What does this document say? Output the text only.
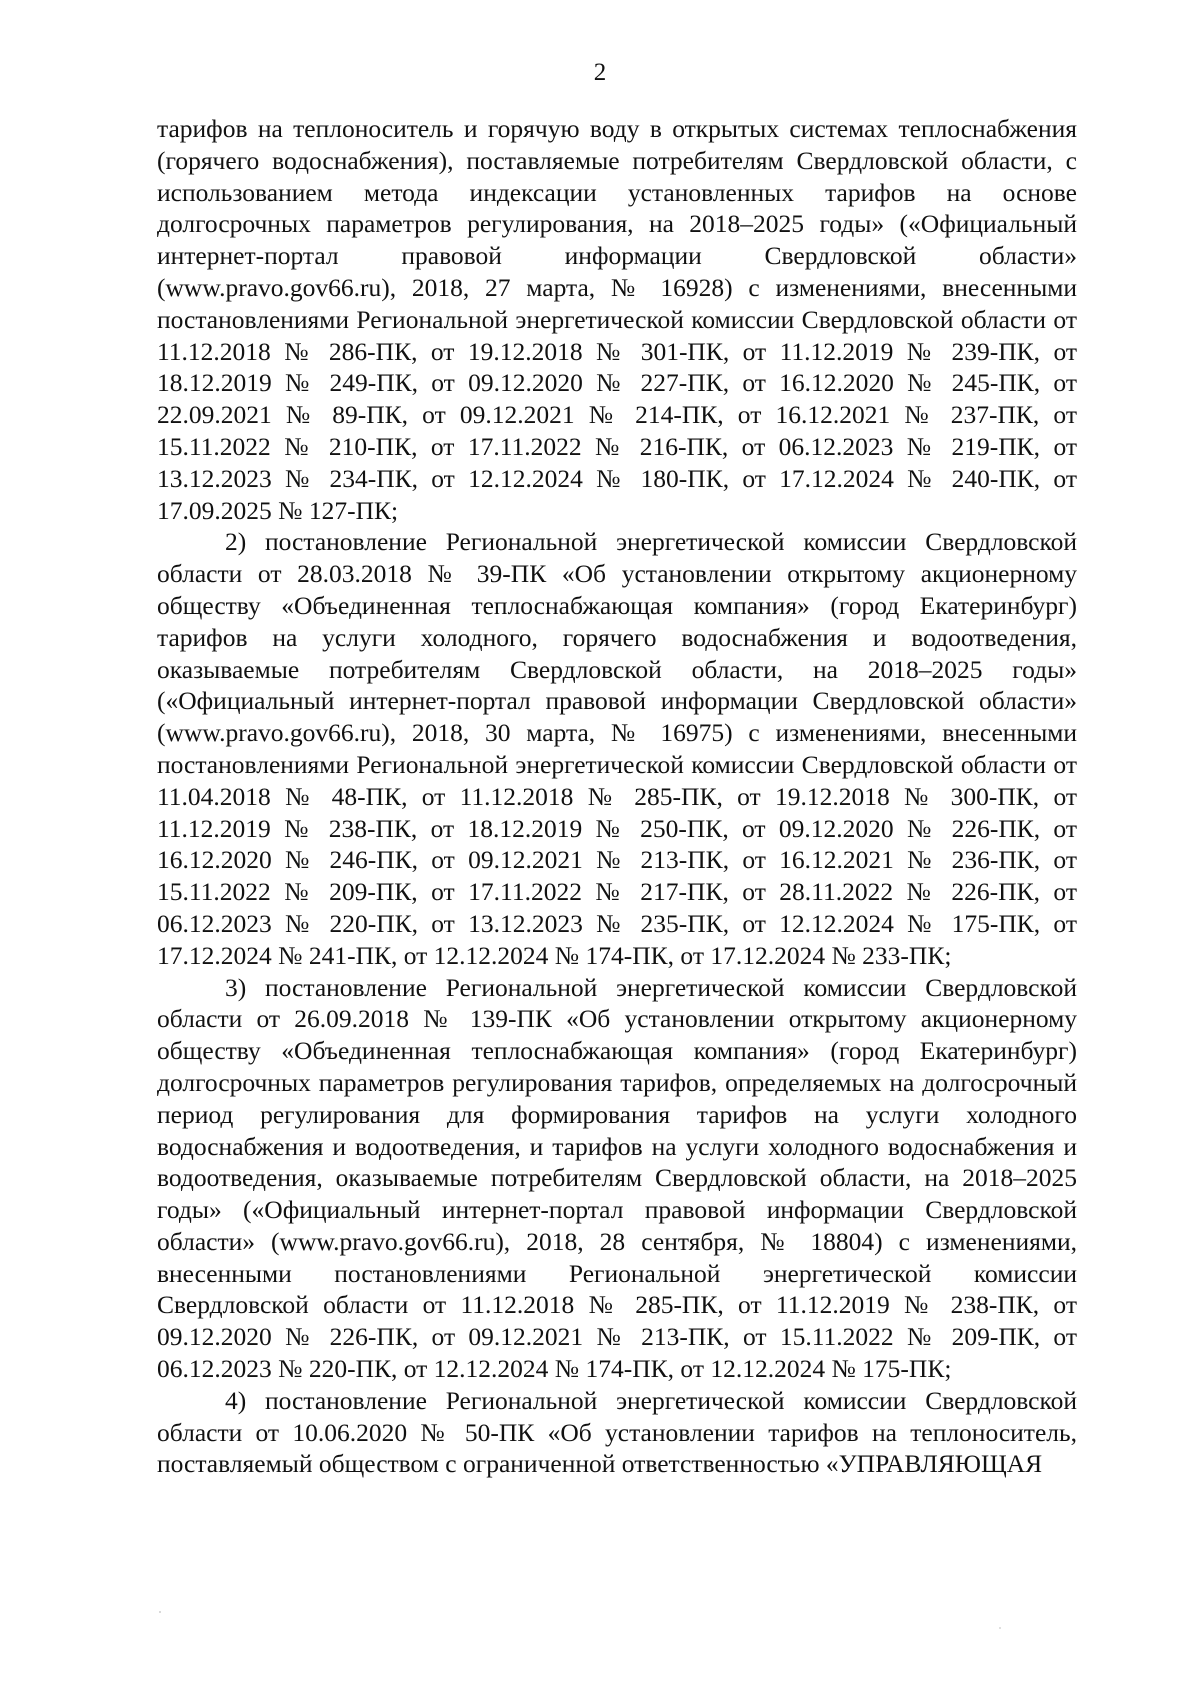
2

тарифов на теплоноситель и горячую воду в открытых системах теплоснабжения (горячего водоснабжения), поставляемые потребителям Свердловской области, с использованием метода индексации установленных тарифов на основе долгосрочных параметров регулирования, на 2018–2025 годы» («Официальный интернет-портал правовой информации Свердловской области» (www.pravo.gov66.ru), 2018, 27 марта, № 16928) с изменениями, внесенными постановлениями Региональной энергетической комиссии Свердловской области от 11.12.2018 № 286-ПК, от 19.12.2018 № 301-ПК, от 11.12.2019 № 239-ПК, от 18.12.2019 № 249-ПК, от 09.12.2020 № 227-ПК, от 16.12.2020 № 245-ПК, от 22.09.2021 № 89-ПК, от 09.12.2021 № 214-ПК, от 16.12.2021 № 237-ПК, от 15.11.2022 № 210-ПК, от 17.11.2022 № 216-ПК, от 06.12.2023 № 219-ПК, от 13.12.2023 № 234-ПК, от 12.12.2024 № 180-ПК, от 17.12.2024 № 240-ПК, от 17.09.2025 № 127-ПК;

2) постановление Региональной энергетической комиссии Свердловской области от 28.03.2018 № 39-ПК «Об установлении открытому акционерному обществу «Объединенная теплоснабжающая компания» (город Екатеринбург) тарифов на услуги холодного, горячего водоснабжения и водоотведения, оказываемые потребителям Свердловской области, на 2018–2025 годы» («Официальный интернет-портал правовой информации Свердловской области» (www.pravo.gov66.ru), 2018, 30 марта, № 16975) с изменениями, внесенными постановлениями Региональной энергетической комиссии Свердловской области от 11.04.2018 № 48-ПК, от 11.12.2018 № 285-ПК, от 19.12.2018 № 300-ПК, от 11.12.2019 № 238-ПК, от 18.12.2019 № 250-ПК, от 09.12.2020 № 226-ПК, от 16.12.2020 № 246-ПК, от 09.12.2021 № 213-ПК, от 16.12.2021 № 236-ПК, от 15.11.2022 № 209-ПК, от 17.11.2022 № 217-ПК, от 28.11.2022 № 226-ПК, от 06.12.2023 № 220-ПК, от 13.12.2023 № 235-ПК, от 12.12.2024 № 175-ПК, от 17.12.2024 № 241-ПК, от 12.12.2024 № 174-ПК, от 17.12.2024 № 233-ПК;

3) постановление Региональной энергетической комиссии Свердловской области от 26.09.2018 № 139-ПК «Об установлении открытому акционерному обществу «Объединенная теплоснабжающая компания» (город Екатеринбург) долгосрочных параметров регулирования тарифов, определяемых на долгосрочный период регулирования для формирования тарифов на услуги холодного водоснабжения и водоотведения, и тарифов на услуги холодного водоснабжения и водоотведения, оказываемые потребителям Свердловской области, на 2018–2025 годы» («Официальный интернет-портал правовой информации Свердловской области» (www.pravo.gov66.ru), 2018, 28 сентября, № 18804) с изменениями, внесенными постановлениями Региональной энергетической комиссии Свердловской области от 11.12.2018 № 285-ПК, от 11.12.2019 № 238-ПК, от 09.12.2020 № 226-ПК, от 09.12.2021 № 213-ПК, от 15.11.2022 № 209-ПК, от 06.12.2023 № 220-ПК, от 12.12.2024 № 174-ПК, от 12.12.2024 № 175-ПК;

4) постановление Региональной энергетической комиссии Свердловской области от 10.06.2020 № 50-ПК «Об установлении тарифов на теплоноситель, поставляемый обществом с ограниченной ответственностью «УПРАВЛЯЮЩАЯ
